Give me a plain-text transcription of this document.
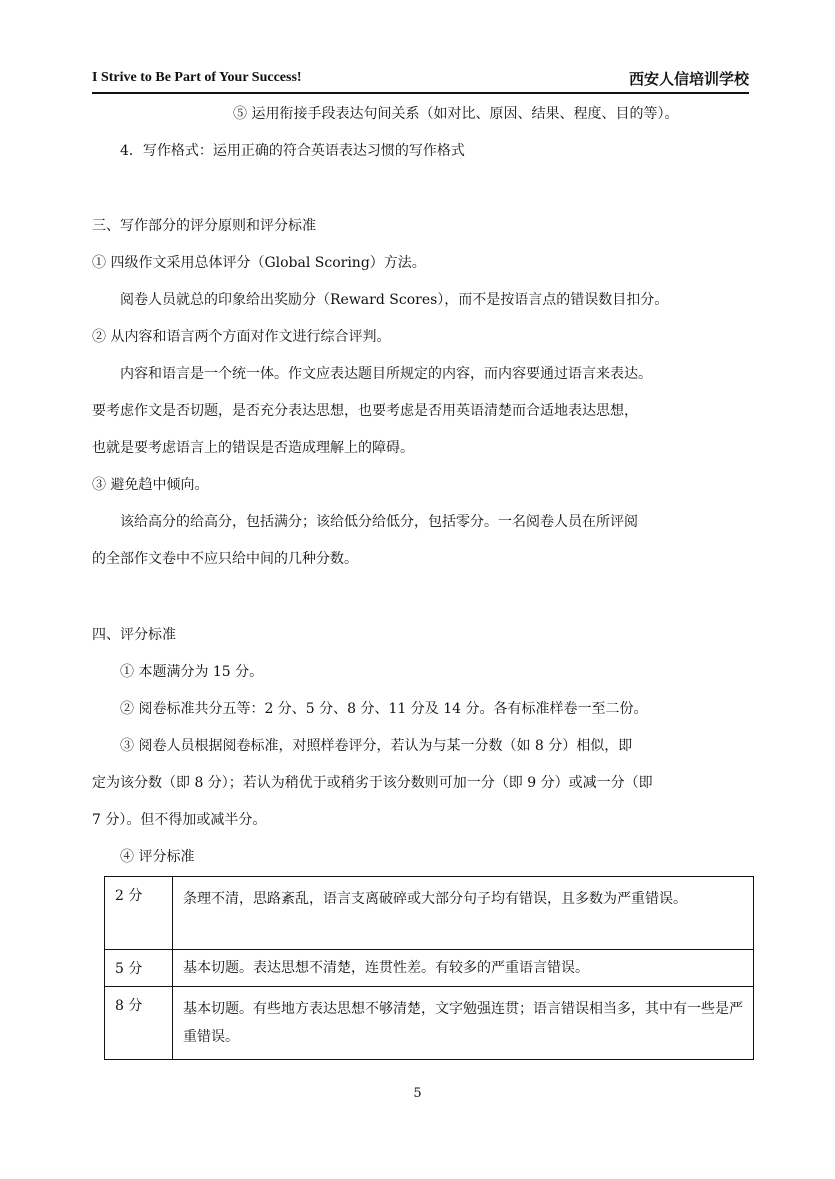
I Strive to Be Part of Your Success!	西安人信培训学校
⑤ 运用衔接手段表达句间关系（如对比、原因、结果、程度、目的等）。
4．写作格式：运用正确的符合英语表达习惯的写作格式
三、写作部分的评分原则和评分标准
① 四级作文采用总体评分（Global Scoring）方法。
阅卷人员就总的印象给出奖励分（Reward Scores），而不是按语言点的错误数目扣分。
② 从内容和语言两个方面对作文进行综合评判。
内容和语言是一个统一体。作文应表达题目所规定的内容，而内容要通过语言来表达。
要考虑作文是否切题，是否充分表达思想，也要考虑是否用英语清楚而合适地表达思想，
也就是要考虑语言上的错误是否造成理解上的障碍。
③ 避免趋中倾向。
该给高分的给高分，包括满分；该给低分给低分，包括零分。一名阅卷人员在所评阅
的全部作文卷中不应只给中间的几种分数。
四、评分标准
① 本题满分为 15 分。
② 阅卷标准共分五等：2 分、5 分、8 分、11 分及 14 分。各有标准样卷一至二份。
③ 阅卷人员根据阅卷标准，对照样卷评分，若认为与某一分数（如 8 分）相似，即
定为该分数（即 8 分）；若认为稍优于或稍劣于该分数则可加一分（即 9 分）或减一分（即
7 分）。但不得加或减半分。
④ 评分标准
2 分	条理不清，思路紊乱，语言支离破碎或大部分句子均有错误，且多数为严重错误。
5 分	基本切题。表达思想不清楚，连贯性差。有较多的严重语言错误。
8 分	基本切题。有些地方表达思想不够清楚，文字勉强连贯；语言错误相当多，其中有一些是严重错误。
5
